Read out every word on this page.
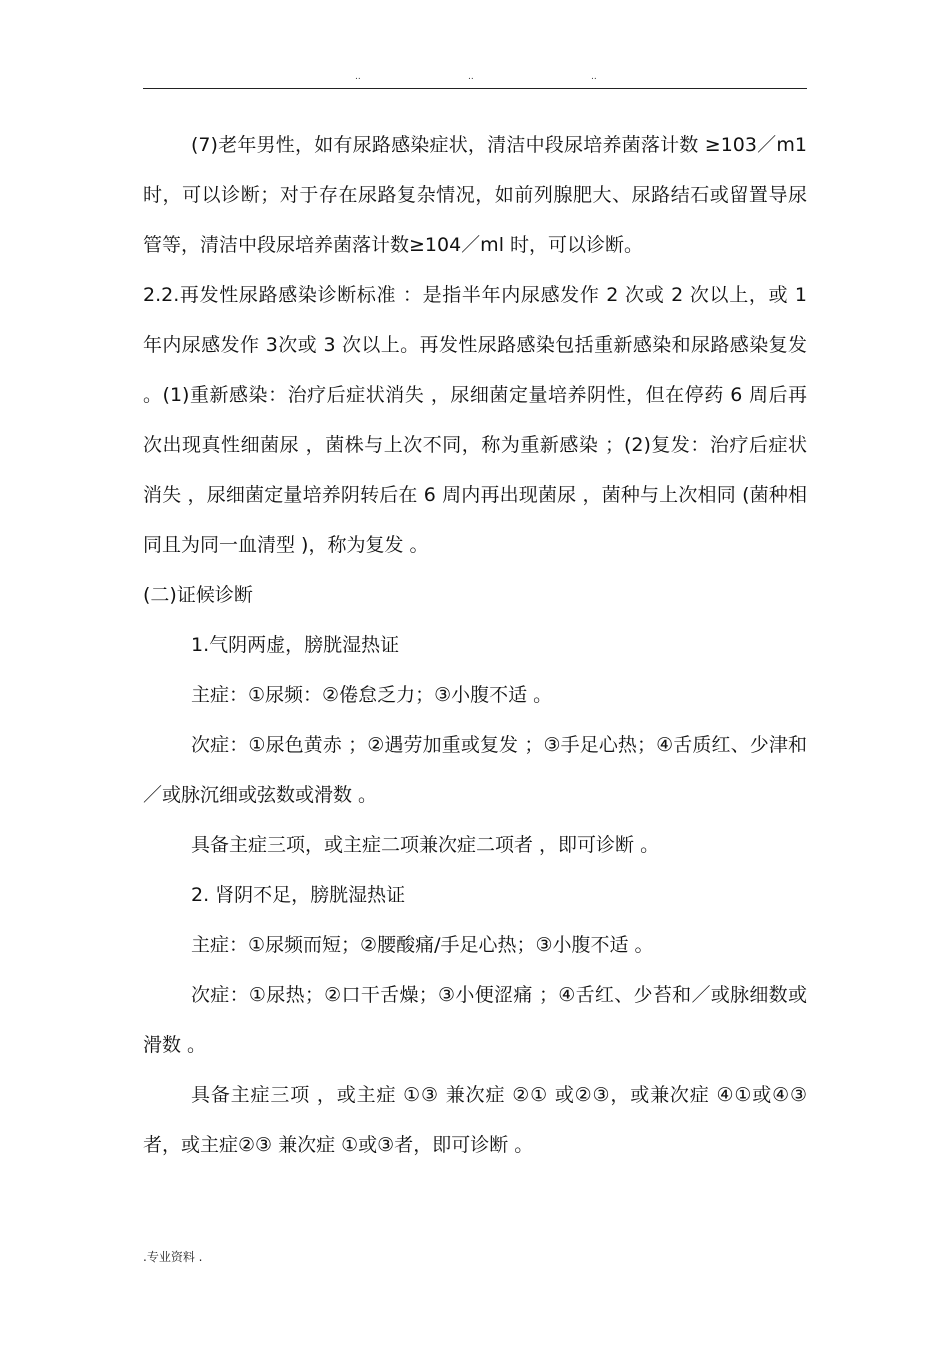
..	..	..

(7)老年男性，如有尿路感染症状，清洁中段尿培养菌落计数 ≥103／m1 时，可以诊断；对于存在尿路复杂情况，如前列腺肥大、尿路结石或留置导尿管等，清洁中段尿培养菌落计数≥104／ml 时，可以诊断。

2.2.再发性尿路感染诊断标准 ：是指半年内尿感发作 2 次或 2 次以上，或 1 年内尿感发作 3次或 3 次以上。再发性尿路感染包括重新感染和尿路感染复发 。(1)重新感染：治疗后症状消失 ，尿细菌定量培养阴性，但在停药 6 周后再次出现真性细菌尿 ，菌株与上次不同，称为重新感染 ；(2)复发：治疗后症状消失 ，尿细菌定量培养阴转后在 6 周内再出现菌尿 ，菌种与上次相同 (菌种相同且为同一血清型 )，称为复发 。

(二)证候诊断

1.气阴两虚，膀胱湿热证

主症：①尿频：②倦怠乏力；③小腹不适 。

次症：①尿色黄赤 ；②遇劳加重或复发 ；③手足心热；④舌质红、少津和／或脉沉细或弦数或滑数 。

具备主症三项，或主症二项兼次症二项者 ，即可诊断 。

2. 肾阴不足，膀胱湿热证

主症：①尿频而短；②腰酸痛/手足心热；③小腹不适 。

次症：①尿热；②口干舌燥；③小便涩痛 ；④舌红、少苔和／或脉细数或滑数 。

具备主症三项 ，或主症 ①③ 兼次症 ②① 或②③，或兼次症 ④①或④③者，或主症②③ 兼次症 ①或③者，即可诊断 。

.专业资料 .
